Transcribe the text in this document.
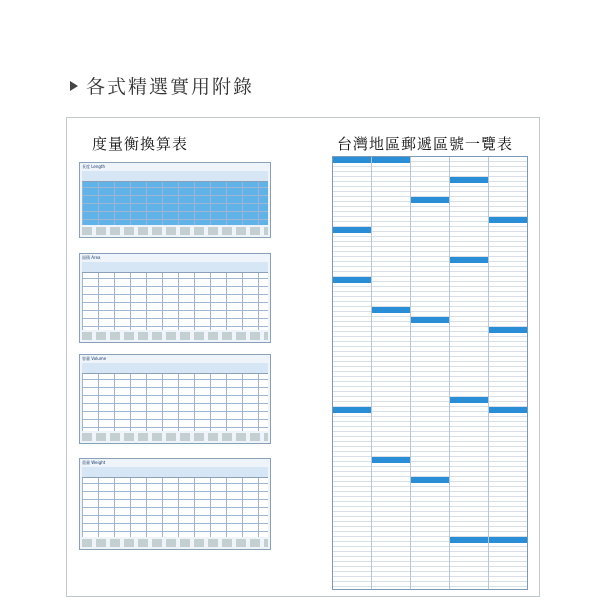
各式精選實用附錄
度量衡換算表	台灣地區郵遞區號一覽表
長度 Length
面積 Area
容量 Volume
重量 Weight
